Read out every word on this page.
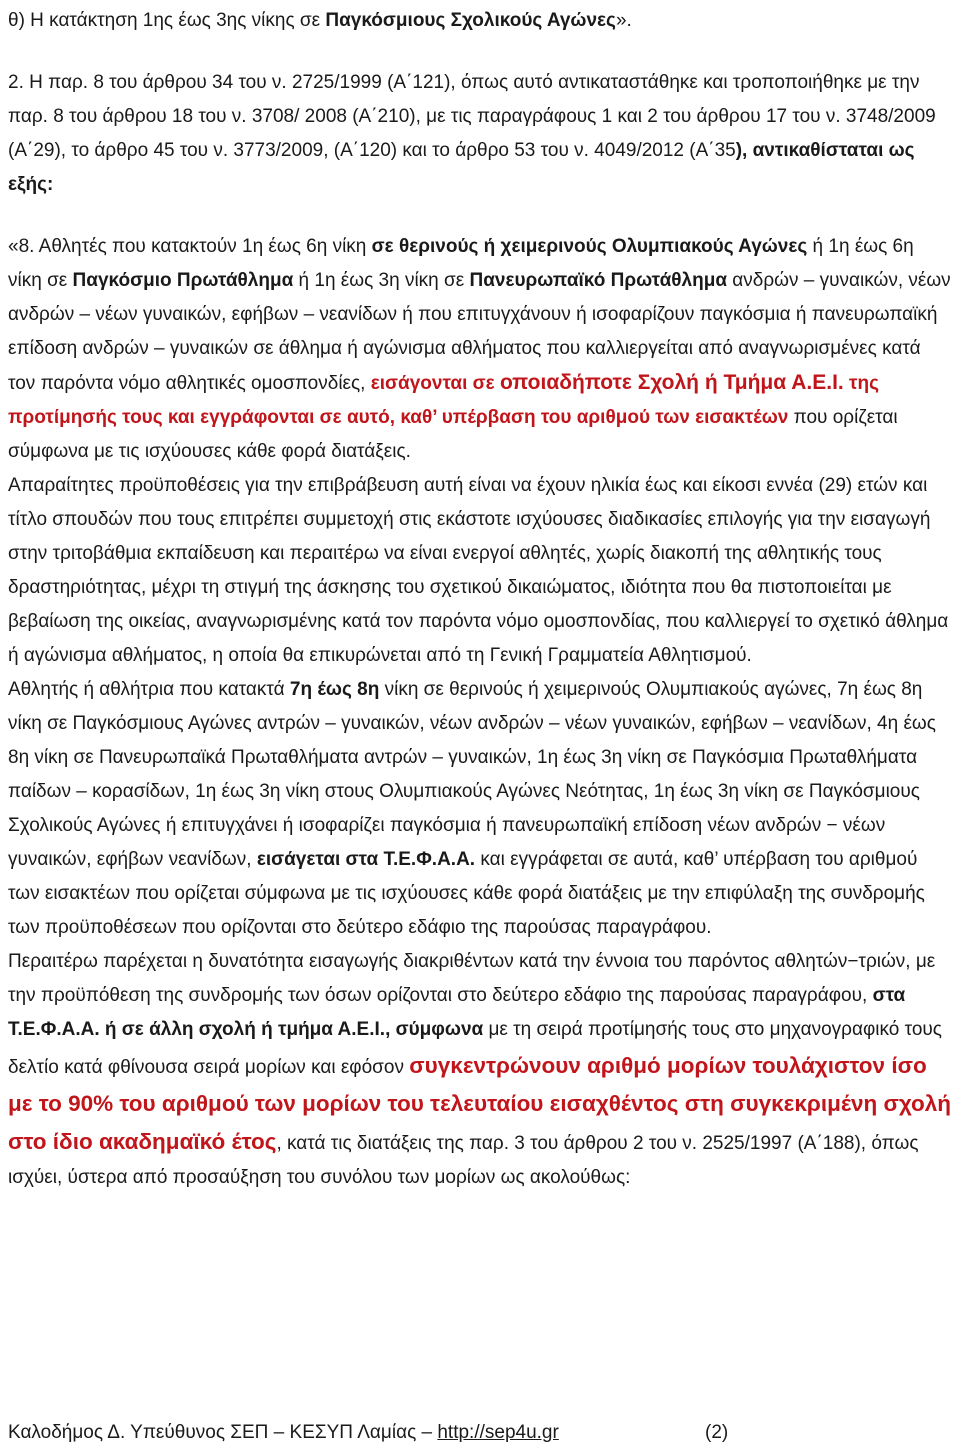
θ) Η κατάκτηση 1ης έως 3ης νίκης σε Παγκόσμιους Σχολικούς Αγώνες».

2. Η παρ. 8 του άρθρου 34 του ν. 2725/1999 (Α΄121), όπως αυτό αντικαταστάθηκε και τροποποιήθηκε με την παρ. 8 του άρθρου 18 του ν. 3708/ 2008 (Α΄210), με τις παραγράφους 1 και 2 του άρθρου 17 του ν. 3748/2009 (Α΄29), το άρθρο 45 του ν. 3773/2009, (Α΄120) και το άρθρο 53 του ν. 4049/2012 (Α΄35), αντικαθίσταται ως εξής:

«8. Αθλητές που κατακτούν 1η έως 6η νίκη σε θερινούς ή χειμερινούς Ολυμπιακούς Αγώνες ή 1η έως 6η νίκη σε Παγκόσμιο Πρωτάθλημα ή 1η έως 3η νίκη σε Πανευρωπαϊκό Πρωτάθλημα ανδρών – γυναικών, νέων ανδρών – νέων γυναικών, εφήβων – νεανίδων ή που επιτυγχάνουν ή ισοφαρίζουν παγκόσμια ή πανευρωπαϊκή επίδοση ανδρών – γυναικών σε άθλημα ή αγώνισμα αθλήματος που καλλιεργείται από αναγνωρισμένες κατά τον παρόντα νόμο αθλητικές ομοσπονδίες, εισάγονται σε οποιαδήποτε Σχολή ή Τμήμα Α.Ε.Ι. της προτίμησής τους και εγγράφονται σε αυτό, καθ’ υπέρβαση του αριθμού των εισακτέων που ορίζεται σύμφωνα με τις ισχύουσες κάθε φορά διατάξεις.

Απαραίτητες προϋποθέσεις για την επιβράβευση αυτή είναι να έχουν ηλικία έως και είκοσι εννέα (29) ετών και τίτλο σπουδών που τους επιτρέπει συμμετοχή στις εκάστοτε ισχύουσες διαδικασίες επιλογής για την εισαγωγή στην τριτοβάθμια εκπαίδευση και περαιτέρω να είναι ενεργοί αθλητές, χωρίς διακοπή της αθλητικής τους δραστηριότητας, μέχρι τη στιγμή της άσκησης του σχετικού δικαιώματος, ιδιότητα που θα πιστοποιείται με βεβαίωση της οικείας, αναγνωρισμένης κατά τον παρόντα νόμο ομοσπονδίας, που καλλιεργεί το σχετικό άθλημα ή αγώνισμα αθλήματος, η οποία θα επικυρώνεται από τη Γενική Γραμματεία Αθλητισμού.

Αθλητής ή αθλήτρια που κατακτά 7η έως 8η νίκη σε θερινούς ή χειμερινούς Ολυμπιακούς αγώνες, 7η έως 8η νίκη σε Παγκόσμιους Αγώνες αντρών – γυναικών, νέων ανδρών – νέων γυναικών, εφήβων – νεανίδων, 4η έως 8η νίκη σε Πανευρωπαϊκά Πρωταθλήματα αντρών – γυναικών, 1η έως 3η νίκη σε Παγκόσμια Πρωταθλήματα παίδων – κορασίδων, 1η έως 3η νίκη στους Ολυμπιακούς Αγώνες Νεότητας, 1η έως 3η νίκη σε Παγκόσμιους Σχολικούς Αγώνες ή επιτυγχάνει ή ισοφαρίζει παγκόσμια ή πανευρωπαϊκή επίδοση νέων ανδρών − νέων γυναικών, εφήβων νεανίδων, εισάγεται στα Τ.Ε.Φ.Α.Α. και εγγράφεται σε αυτά, καθ’ υπέρβαση του αριθμού των εισακτέων που ορίζεται σύμφωνα με τις ισχύουσες κάθε φορά διατάξεις με την επιφύλαξη της συνδρομής των προϋποθέσεων που ορίζονται στο δεύτερο εδάφιο της παρούσας παραγράφου.

Περαιτέρω παρέχεται η δυνατότητα εισαγωγής διακριθέντων κατά την έννοια του παρόντος αθλητών−τριών, με την προϋπόθεση της συνδρομής των όσων ορίζονται στο δεύτερο εδάφιο της παρούσας παραγράφου, στα Τ.Ε.Φ.Α.Α. ή σε άλλη σχολή ή τμήμα Α.Ε.Ι., σύμφωνα με τη σειρά προτίμησής τους στο μηχανογραφικό τους δελτίο κατά φθίνουσα σειρά μορίων και εφόσον συγκεντρώνουν αριθμό μορίων τουλάχιστον ίσο με το 90% του αριθμού των μορίων του τελευταίου εισαχθέντος στη συγκεκριμένη σχολή στο ίδιο ακαδημαϊκό έτος, κατά τις διατάξεις της παρ. 3 του άρθρου 2 του ν. 2525/1997 (Α΄188), όπως ισχύει, ύστερα από προσαύξηση του συνόλου των μορίων ως ακολούθως:

Καλοδήμος Δ. Υπεύθυνος ΣΕΠ – ΚΕΣΥΠ Λαμίας – http://sep4u.gr	(2)
